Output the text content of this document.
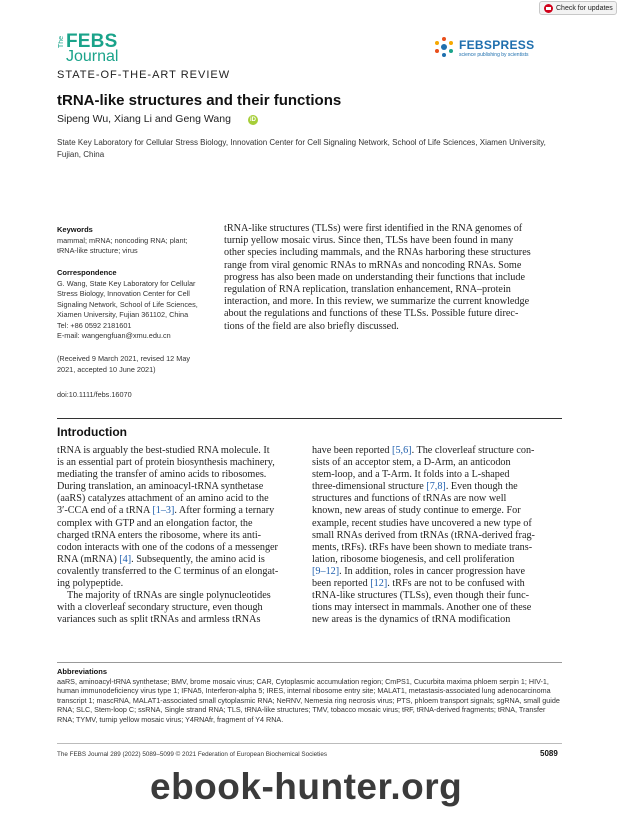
Check for updates
The FEBS
Journal
FEBSPRESS
science publishing by scientists
STATE-OF-THE-ART REVIEW
tRNA-like structures and their functions
Sipeng Wu, Xiang Li and Geng Wang	iD
State Key Laboratory for Cellular Stress Biology, Innovation Center for Cell Signaling Network, School of Life Sciences, Xiamen University,
Fujian, China
Keywords
mammal; mRNA; noncoding RNA; plant;
tRNA-like structure; virus
Correspondence
G. Wang, State Key Laboratory for Cellular
Stress Biology, Innovation Center for Cell
Signaling Network, School of Life Sciences,
Xiamen University, Fujian 361102, China
Tel: +86 0592 2181601
E-mail: wangengfuan@xmu.edu.cn
(Received 9 March 2021, revised 12 May
2021, accepted 10 June 2021)
doi:10.1111/febs.16070
tRNA-like structures (TLSs) were first identified in the RNA genomes of
turnip yellow mosaic virus. Since then, TLSs have been found in many
other species including mammals, and the RNAs harboring these structures
range from viral genomic RNAs to mRNAs and noncoding RNAs. Some
progress has also been made on understanding their functions that include
regulation of RNA replication, translation enhancement, RNA–protein
interaction, and more. In this review, we summarize the current knowledge
about the regulations and functions of these TLSs. Possible future direc-
tions of the field are also briefly discussed.
Introduction
tRNA is arguably the best-studied RNA molecule. It
is an essential part of protein biosynthesis machinery,
mediating the transfer of amino acids to ribosomes.
During translation, an aminoacyl-tRNA synthetase
(aaRS) catalyzes attachment of an amino acid to the
3′-CCA end of a tRNA [1–3]. After forming a ternary
complex with GTP and an elongation factor, the
charged tRNA enters the ribosome, where its anti-
codon interacts with one of the codons of a messenger
RNA (mRNA) [4]. Subsequently, the amino acid is
covalently transferred to the C terminus of an elongat-
ing polypeptide.
The majority of tRNAs are single polynucleotides
with a cloverleaf secondary structure, even though
variances such as split tRNAs and armless tRNAs
have been reported [5,6]. The cloverleaf structure con-
sists of an acceptor stem, a D-Arm, an anticodon
stem-loop, and a T-Arm. It folds into a L-shaped
three-dimensional structure [7,8]. Even though the
structures and functions of tRNAs are now well
known, new areas of study continue to emerge. For
example, recent studies have uncovered a new type of
small RNAs derived from tRNAs (tRNA-derived frag-
ments, tRFs). tRFs have been shown to mediate trans-
lation, ribosome biogenesis, and cell proliferation
[9–12]. In addition, roles in cancer progression have
been reported [12]. tRFs are not to be confused with
tRNA-like structures (TLSs), even though their func-
tions may intersect in mammals. Another one of these
new areas is the dynamics of tRNA modification
Abbreviations
aaRS, aminoacyl-tRNA synthetase; BMV, brome mosaic virus; CAR, Cytoplasmic accumulation region; CmPS1, Cucurbita maxima phloem serpin 1; HIV-1, human immunodeficiency virus type 1; IFNA5, Interferon-alpha 5; IRES, internal ribosome entry site; MALAT1, metastasis-associated lung adenocarcinoma transcript 1; mascRNA, MALAT1-associated small cytoplasmic RNA; NeRNV, Nemesia ring necrosis virus; PTS, phloem transport signals; sgRNA, small guide RNA; SLC, Stem-loop C; ssRNA, Single strand RNA; TLS, tRNA-like structures; TMV, tobacco mosaic virus; tRF, tRNA-derived fragments; tRNA, Transfer RNA; TYMV, turnip yellow mosaic virus; Y4RNAfr, fragment of Y4 RNA.
The FEBS Journal 289 (2022) 5089–5099 © 2021 Federation of European Biochemical Societies	5089
ebook-hunter.org
